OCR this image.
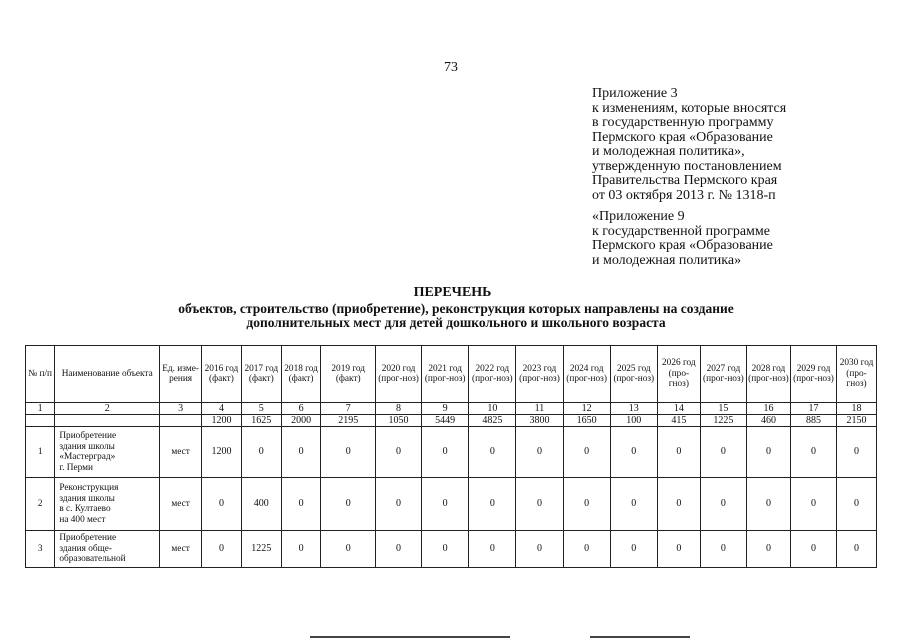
73
Приложение 3
к изменениям, которые вносятся
в государственную программу
Пермского края «Образование
и молодежная политика»,
утвержденную постановлением
Правительства Пермского края
от 03 октября 2013 г. № 1318-п
«Приложение 9
к государственной программе
Пермского края «Образование
и молодежная политика»
ПЕРЕЧЕНЬ
объектов, строительство (приобретение), реконструкция которых направлены на создание дополнительных мест для детей дошкольного и школьного возраста
№ п/п	Наименование объекта	Ед. изме-рения	2016 год (факт)	2017 год (факт)	2018 год (факт)	2019 год (факт)	2020 год (прог-ноз)	2021 год (прог-ноз)	2022 год (прог-ноз)	2023 год (прог-ноз)	2024 год (прог-ноз)	2025 год (прог-ноз)	2026 год (про-гноз)	2027 год (прог-ноз)	2028 год (прог-ноз)	2029 год (прог-ноз)	2030 год (про-гноз)
1	2	3	4	5	6	7	8	9	10	11	12	13	14	15	16	17	18
			1200	1625	2000	2195	1050	5449	4825	3800	1650	100	415	1225	460	885	2150
1	Приобретение
здания школы
«Мастерград»
г. Перми	мест	1200	0	0	0	0	0	0	0	0	0	0	0	0	0	0
2	Реконструкция
здания школы
в с. Култаево
на 400 мест	мест	0	400	0	0	0	0	0	0	0	0	0	0	0	0	0
3	Приобретение
здания обще-
образовательной	мест	0	1225	0	0	0	0	0	0	0	0	0	0	0	0	0
